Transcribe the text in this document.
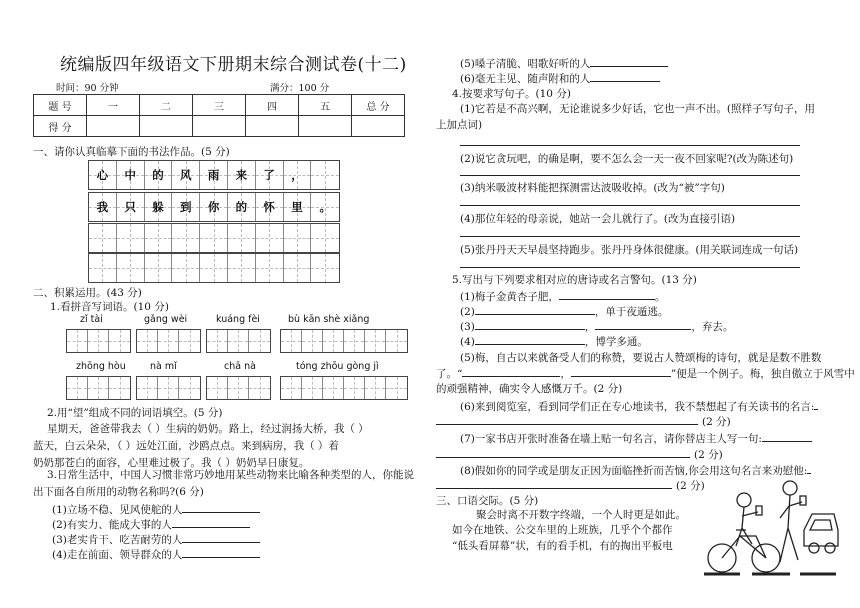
统编版四年级语文下册期末综合测试卷(十二)
时间：90 分钟	满分：100 分
题 号	一	二	三	四	五	总 分
得 分						
一、请你认真临摹下面的书法作品。(5 分)
心 中 的 风 雨 来 了 ，
我 只 躲 到 你 的 怀 里 。
二、积累运用。(43 分)
1.看拼音写词语。(10 分)
zǐ tài	gǎng wèi	kuáng fèi	bù kān shè xiǎng
zhōng hòu	nà mǐ	chā nà	tóng zhōu gòng jì
2.用“望”组成不同的词语填空。(5 分)
星期天，爸爸带我去（ ）生病的奶奶。路上，经过润扬大桥，我（ ）
蓝天，白云朵朵，（ ）远处江面，沙鸥点点。来到病房，我（ ）着
奶奶那苍白的面容，心里难过极了。我（ ）奶奶早日康复。
3.日常生活中，中国人习惯非常巧妙地用某些动物来比喻各种类型的人，你能说
出下面各自所用的动物名称吗?(6 分)
(1)立场不稳、见风使舵的人
(2)有实力、能成大事的人
(3)老实肯干、吃苦耐劳的人
(4)走在前面、领导群众的人
(5)嗓子清脆、唱歌好听的人
(6)毫无主见、随声附和的人
4.按要求写句子。(10 分)
(1)它若是不高兴啊，无论谁说多少好话，它也一声不出。(照样子写句子，用
上加点词)
(2)说它贪玩吧，的确是啊，要不怎么会一天一夜不回家呢?(改为陈述句)
(3)纳米吸波材料能把探测雷达波吸收掉。(改为“被”字句)
(4)那位年轻的母亲说，她站一会儿就行了。(改为直接引语)
(5)张丹丹天天早晨坚持跑步。张丹丹身体很健康。(用关联词连成一句话)
5.写出与下列要求相对应的唐诗或名言警句。(13 分)
(1)梅子金黄杏子肥，	。
(2)	，单于夜遁逃。
(3)	，	，弃去。
(4)	，博学多通。
(5)梅，自古以来就备受人们的称赞，要说古人赞颂梅的诗句，就是是数不胜数
了。“	，	”便是一个例子。梅，独自傲立于风雪中
的顽强精神，确实令人感慨万千。(2 分)
(6)来到阅览室，看到同学们正在专心地读书，我不禁想起了有关读书的名言:
(2 分)
(7)一家书店开张时准备在墙上贴一句名言，请你替店主人写一句:
(2 分)
(8)假如你的同学或是朋友正因为面临挫折而苦恼,你会用这句名言来劝慰他:
(2 分)
三、口语交际。(5 分)
聚会时离不开数字终端，一个人时更是如此。
如今在地铁、公交车里的上班族，几乎个个都作
“低头看屏幕”状，有的看手机，有的掏出平板电
